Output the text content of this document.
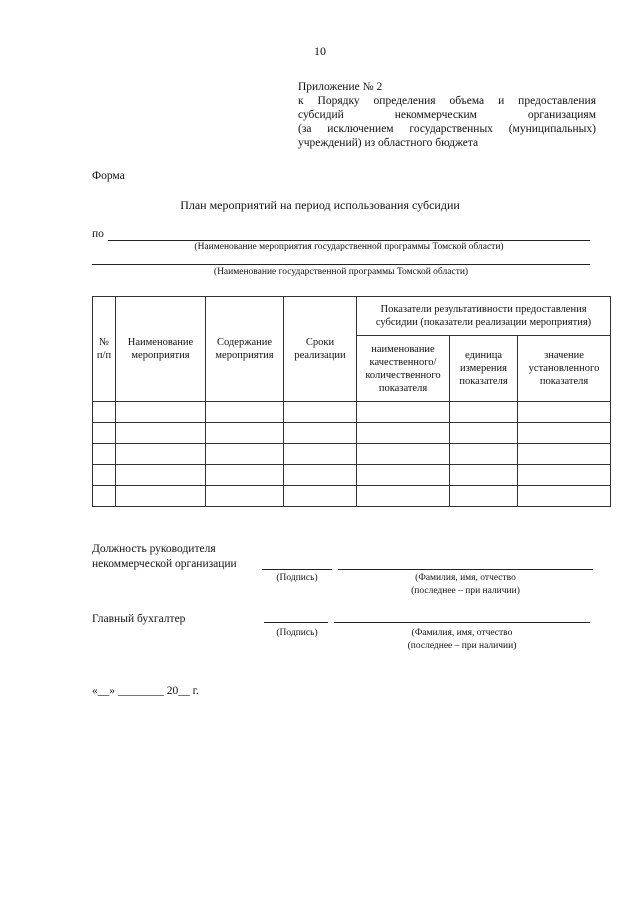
10
Приложение № 2
к Порядку определения объема и предоставления
субсидий некоммерческим организациям
(за исключением государственных (муниципальных)
учреждений) из областного бюджета
Форма
План мероприятий на период использования субсидии
по
(Наименование мероприятия государственной программы Томской области)
(Наименование государственной программы Томской области)
№ п/п	Наименование мероприятия	Содержание мероприятия	Сроки реализации	Показатели результативности предоставления субсидии (показатели реализации мероприятия)		
				наименование качественного/ количественного показателя	единица измерения показателя	значение установленного показателя

Должность руководителя
некоммерческой организации
(Подпись)	(Фамилия, имя, отчество
(последнее – при наличии)
Главный бухгалтер
(Подпись)	(Фамилия, имя, отчество
(последнее – при наличии)
«__» ________ 20__ г.
